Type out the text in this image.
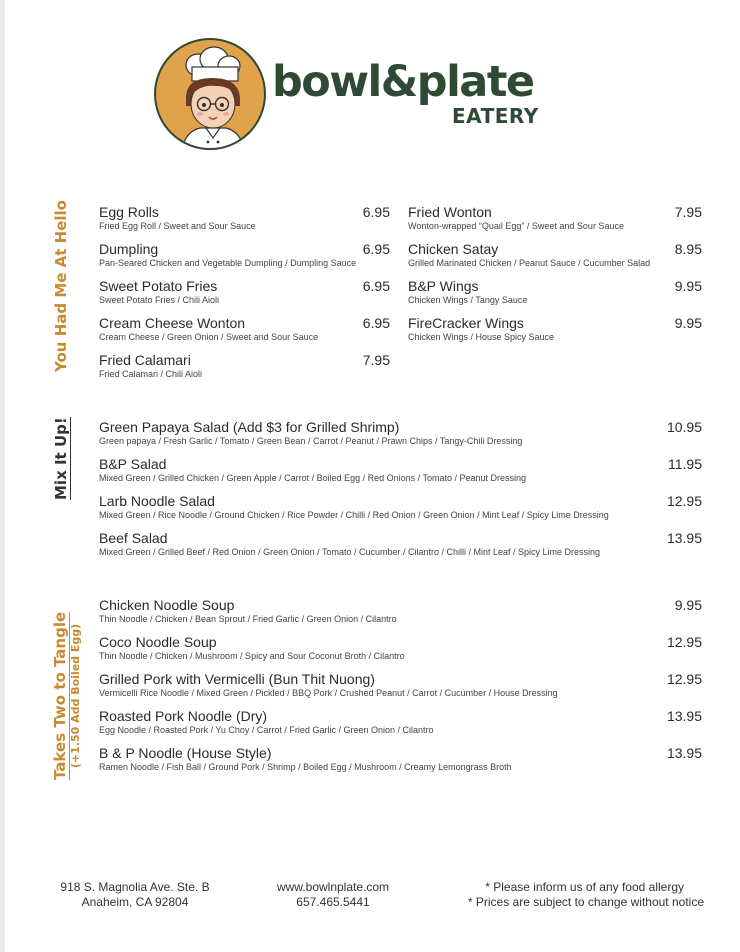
bowl&plate
EATERY
You Had Me At Hello
Mix It Up!
Takes Two to Tangle (+1.50 Add Boiled Egg)
Egg Rolls
Fried Egg Roll / Sweet and Sour Sauce
6.95
Dumpling
Pan-Seared Chicken and Vegetable Dumpling / Dumpling Sauce
6.95
Sweet Potato Fries
Sweet Potato Fries / Chili Aioli
6.95
Cream Cheese Wonton
Cream Cheese / Green Onion / Sweet and Sour Sauce
6.95
Fried Calamari
Fried Calamari / Chili Aioli
7.95
Fried Wonton
Wonton-wrapped “Quail Egg” / Sweet and Sour Sauce
7.95
Chicken Satay
Grilled Marinated Chicken / Peanut Sauce / Cucumber Salad
8.95
B&P Wings
Chicken Wings / Tangy Sauce
9.95
FireCracker Wings
Chicken Wings / House Spicy Sauce
9.95
Green Papaya Salad (Add $3 for Grilled Shrimp)
Green papaya / Fresh Garlic / Tomato / Green Bean / Carrot / Peanut / Prawn Chips / Tangy-Chili Dressing
10.95
B&P Salad
Mixed Green / Grilled Chicken / Green Apple / Carrot / Boiled Egg / Red Onions / Tomato / Peanut Dressing
11.95
Larb Noodle Salad
Mixed Green / Rice Noodle / Ground Chicken / Rice Powder / Chilli / Red Onion / Green Onion / Mint Leaf / Spicy Lime Dressing
12.95
Beef Salad
Mixed Green / Grilled Beef / Red Onion / Green Onion / Tomato / Cucumber / Cilantro / Chilli / Mint Leaf / Spicy Lime Dressing
13.95
Chicken Noodle Soup
Thin Noodle / Chicken / Bean Sprout / Fried Garlic / Green Onion / Cilantro
9.95
Coco Noodle Soup
Thin Noodle / Chicken / Mushroom / Spicy and Sour Coconut Broth / Cilantro
12.95
Grilled Pork with Vermicelli (Bun Thit Nuong)
Vermicelli Rice Noodle / Mixed Green / Pickled / BBQ Pork / Crushed Peanut / Carrot / Cucumber / House Dressing
12.95
Roasted Pork Noodle (Dry)
Egg Noodle / Roasted Pork / Yu Choy / Carrot / Fried Garlic / Green Onion / Cilantro
13.95
B & P Noodle (House Style)
Ramen Noodle / Fish Ball / Ground Pork / Shrimp / Boiled Egg / Mushroom / Creamy Lemongrass Broth
13.95
918 S. Magnolia Ave. Ste. B
Anaheim, CA 92804
www.bowlnplate.com
657.465.5441
* Please inform us of any food allergy
* Prices are subject to change without notice
